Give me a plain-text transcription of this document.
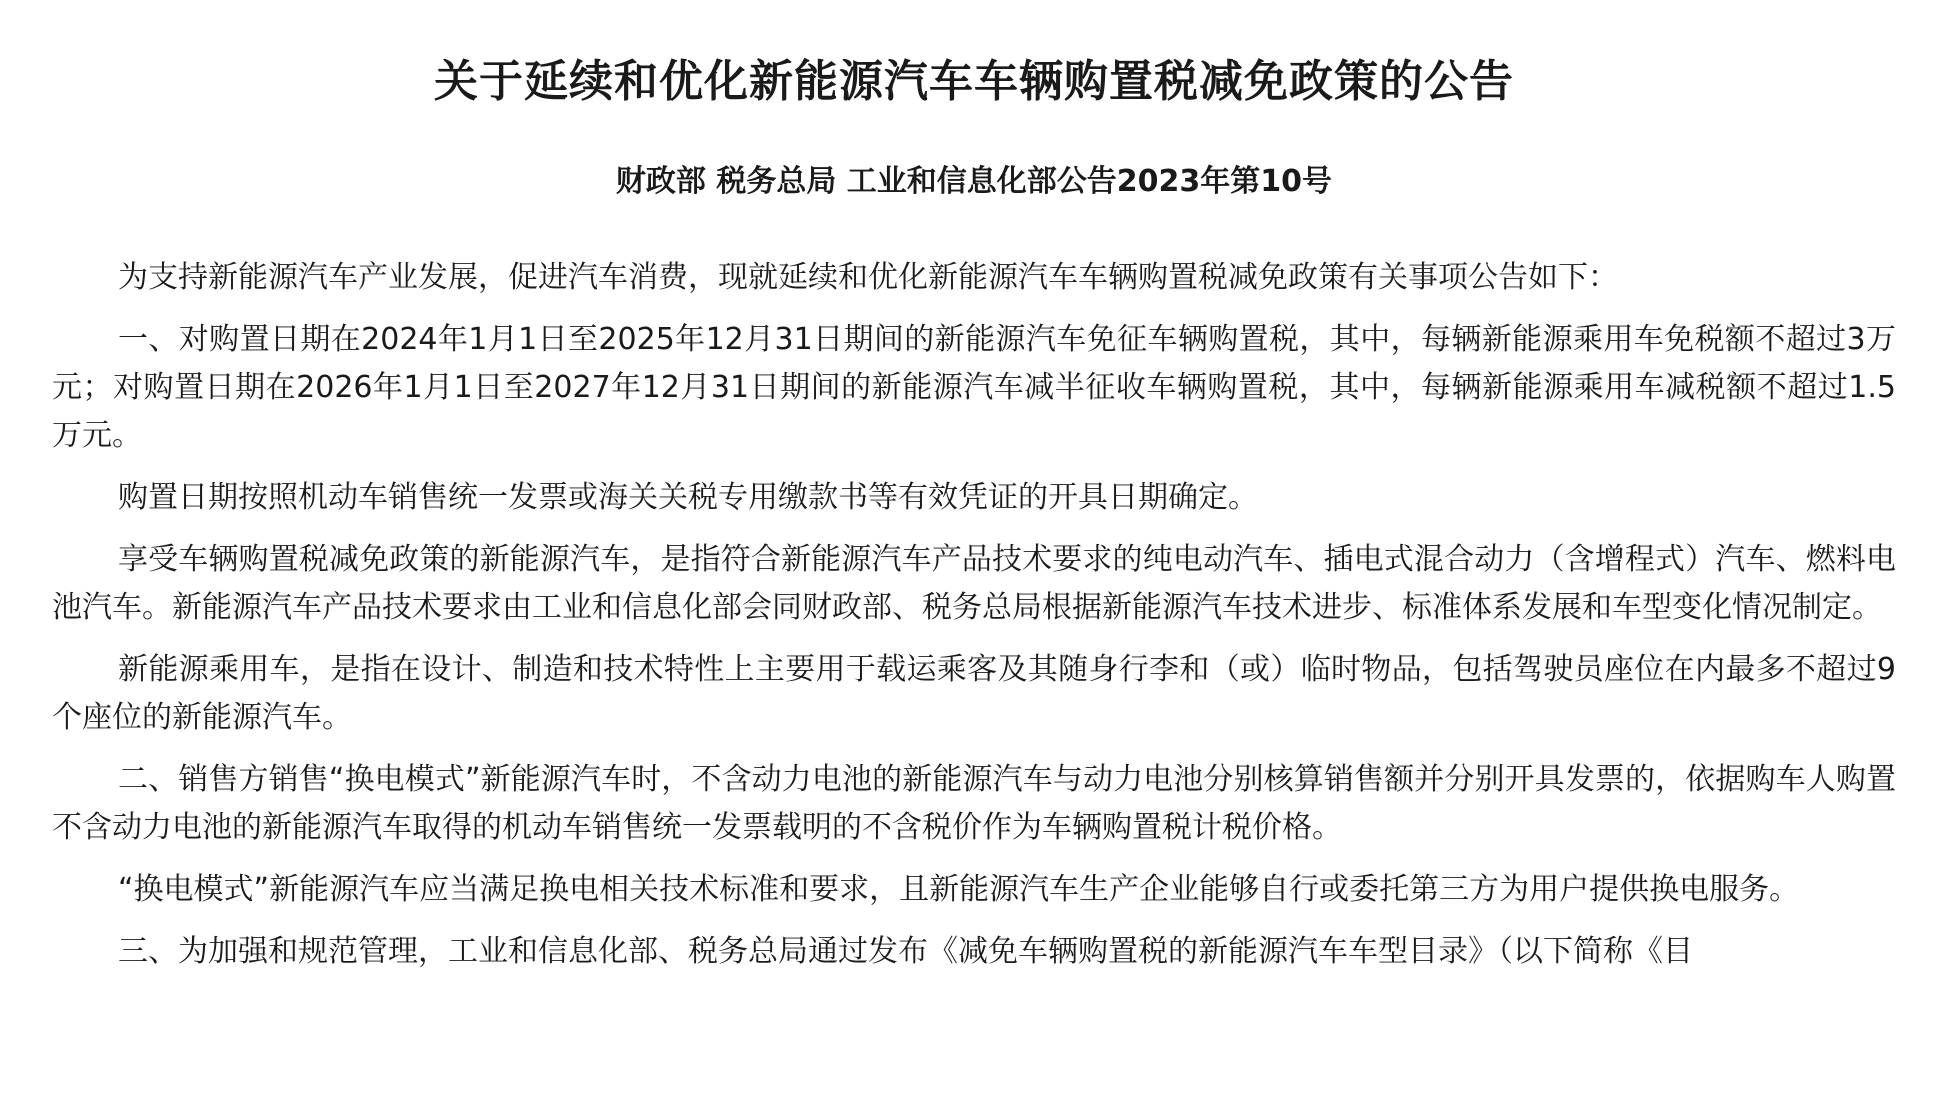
关于延续和优化新能源汽车车辆购置税减免政策的公告
财政部 税务总局 工业和信息化部公告2023年第10号

为支持新能源汽车产业发展，促进汽车消费，现就延续和优化新能源汽车车辆购置税减免政策有关事项公告如下：

一、对购置日期在2024年1月1日至2025年12月31日期间的新能源汽车免征车辆购置税，其中，每辆新能源乘用车免税额不超过3万元；对购置日期在2026年1月1日至2027年12月31日期间的新能源汽车减半征收车辆购置税，其中，每辆新能源乘用车减税额不超过1.5万元。

购置日期按照机动车销售统一发票或海关关税专用缴款书等有效凭证的开具日期确定。

享受车辆购置税减免政策的新能源汽车，是指符合新能源汽车产品技术要求的纯电动汽车、插电式混合动力（含增程式）汽车、燃料电池汽车。新能源汽车产品技术要求由工业和信息化部会同财政部、税务总局根据新能源汽车技术进步、标准体系发展和车型变化情况制定。

新能源乘用车，是指在设计、制造和技术特性上主要用于载运乘客及其随身行李和（或）临时物品，包括驾驶员座位在内最多不超过9个座位的新能源汽车。

二、销售方销售“换电模式”新能源汽车时，不含动力电池的新能源汽车与动力电池分别核算销售额并分别开具发票的，依据购车人购置不含动力电池的新能源汽车取得的机动车销售统一发票载明的不含税价作为车辆购置税计税价格。

“换电模式”新能源汽车应当满足换电相关技术标准和要求，且新能源汽车生产企业能够自行或委托第三方为用户提供换电服务。

三、为加强和规范管理，工业和信息化部、税务总局通过发布《减免车辆购置税的新能源汽车车型目录》（以下简称《目
